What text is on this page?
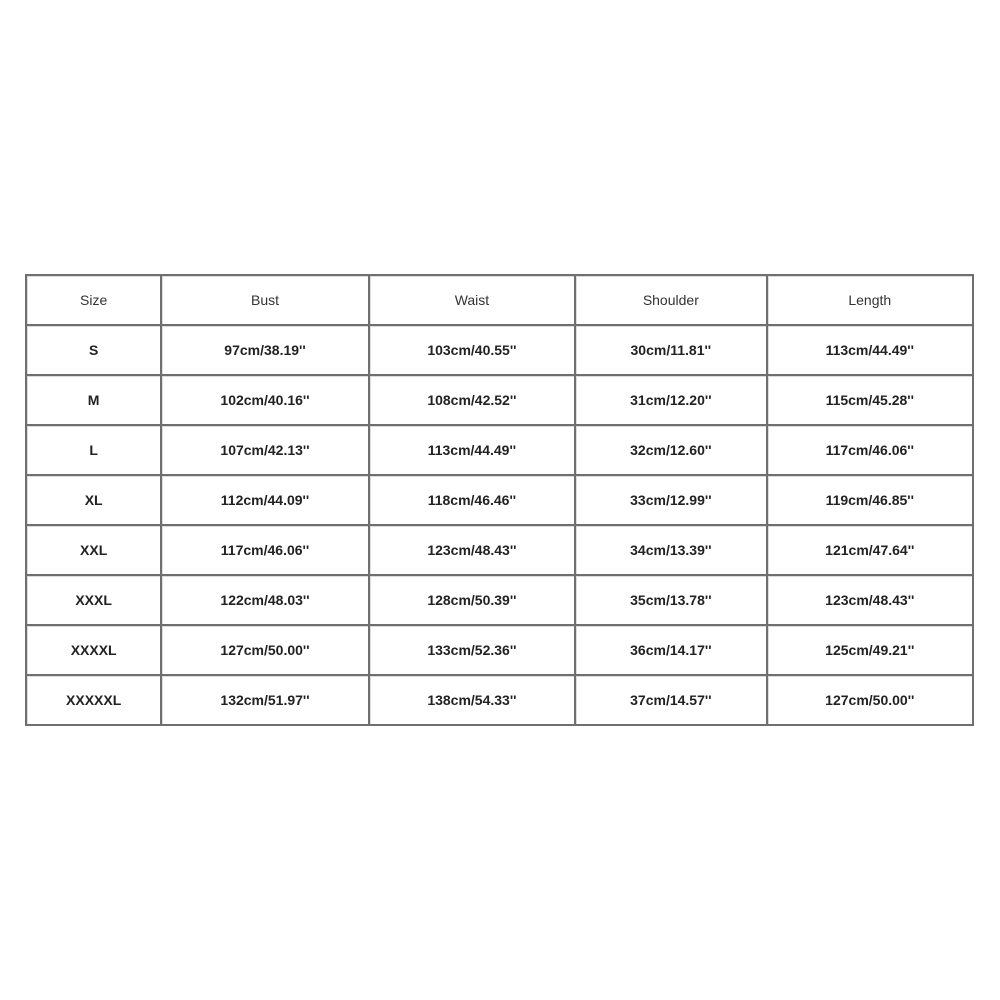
Size	Bust	Waist	Shoulder	Length
S	97cm/38.19''	103cm/40.55''	30cm/11.81''	113cm/44.49''
M	102cm/40.16''	108cm/42.52''	31cm/12.20''	115cm/45.28''
L	107cm/42.13''	113cm/44.49''	32cm/12.60''	117cm/46.06''
XL	112cm/44.09''	118cm/46.46''	33cm/12.99''	119cm/46.85''
XXL	117cm/46.06''	123cm/48.43''	34cm/13.39''	121cm/47.64''
XXXL	122cm/48.03''	128cm/50.39''	35cm/13.78''	123cm/48.43''
XXXXL	127cm/50.00''	133cm/52.36''	36cm/14.17''	125cm/49.21''
XXXXXL	132cm/51.97''	138cm/54.33''	37cm/14.57''	127cm/50.00''
